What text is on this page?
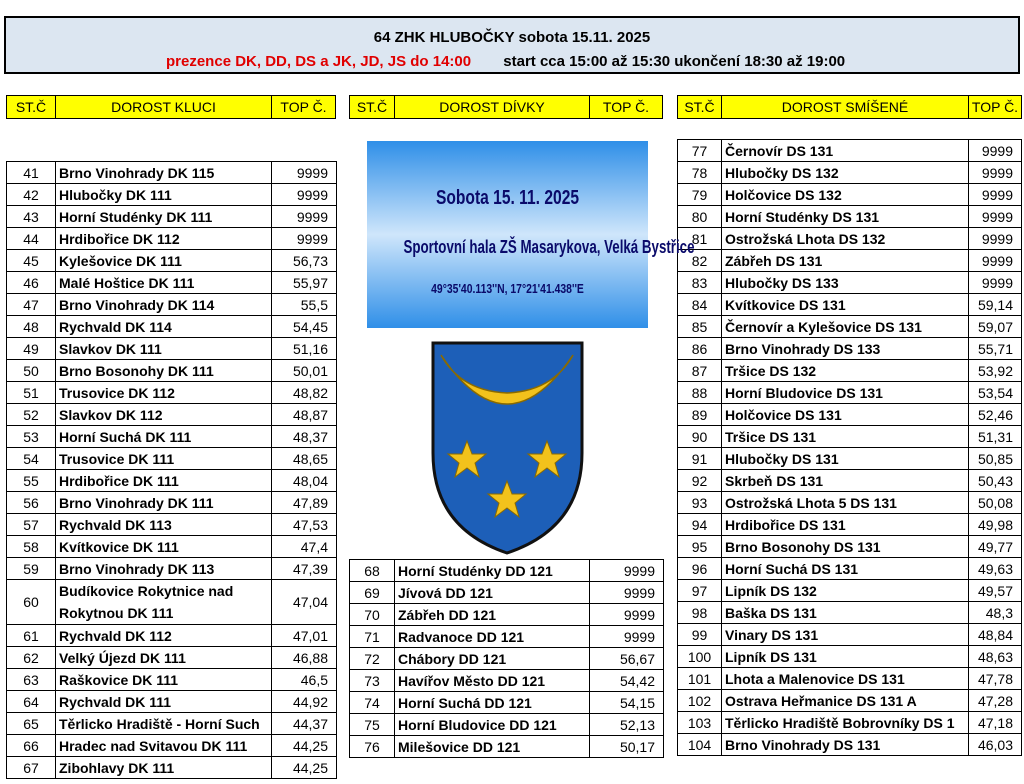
64 ZHK HLUBOČKY sobota 15.11. 2025
prezence DK, DD, DS a JK, JD, JS do 14:00 start cca 15:00 až 15:30 ukončení 18:30 až 19:00
ST.Č	DOROST KLUCI	TOP Č.	ST.Č	DOROST DÍVKY	TOP Č.	ST.Č	DOROST SMÍŠENÉ	TOP Č.
41	Brno Vinohrady DK 115	9999
42	Hlubočky DK 111	9999
43	Horní Studénky DK 111	9999
44	Hrdibořice DK 112	9999
45	Kylešovice DK 111	56,73
46	Malé Hoštice DK 111	55,97
47	Brno Vinohrady DK 114	55,5
48	Rychvald DK 114	54,45
49	Slavkov DK 111	51,16
50	Brno Bosonohy DK 111	50,01
51	Trusovice DK 112	48,82
52	Slavkov DK 112	48,87
53	Horní Suchá DK 111	48,37
54	Trusovice DK 111	48,65
55	Hrdibořice DK 111	48,04
56	Brno Vinohrady DK 111	47,89
57	Rychvald DK 113	47,53
58	Kvítkovice DK 111	47,4
59	Brno Vinohrady DK 113	47,39
60	Budíkovice Rokytnice nad Rokytnou DK 111	47,04
61	Rychvald DK 112	47,01
62	Velký Újezd DK 111	46,88
63	Raškovice DK 111	46,5
64	Rychvald DK 111	44,92
65	Těrlicko Hradiště - Horní Such	44,37
66	Hradec nad Svitavou DK 111	44,25
67	Zibohlavy DK 111	44,25
68	Horní Studénky DD 121	9999
69	Jívová DD 121	9999
70	Zábřeh DD 121	9999
71	Radvanoce DD 121	9999
72	Chábory DD 121	56,67
73	Havířov Město DD 121	54,42
74	Horní Suchá DD 121	54,15
75	Horní Bludovice DD 121	52,13
76	Milešovice DD 121	50,17
77	Černovír DS 131	9999
78	Hlubočky DS 132	9999
79	Holčovice DS 132	9999
80	Horní Studénky DS 131	9999
81	Ostrožská Lhota DS 132	9999
82	Zábřeh DS 131	9999
83	Hlubočky DS 133	9999
84	Kvítkovice DS 131	59,14
85	Černovír a Kylešovice DS 131	59,07
86	Brno Vinohrady DS 133	55,71
87	Tršice DS 132	53,92
88	Horní Bludovice DS 131	53,54
89	Holčovice DS 131	52,46
90	Tršice DS 131	51,31
91	Hlubočky DS 131	50,85
92	Skrbeň DS 131	50,43
93	Ostrožská Lhota 5 DS 131	50,08
94	Hrdibořice DS 131	49,98
95	Brno Bosonohy DS 131	49,77
96	Horní Suchá DS 131	49,63
97	Lipník DS 132	49,57
98	Baška DS 131	48,3
99	Vinary DS 131	48,84
100	Lipník DS 131	48,63
101	Lhota a Malenovice DS 131	47,78
102	Ostrava Heřmanice DS 131 A	47,28
103	Těrlicko Hradiště Bobrovníky DS 1	47,18
104	Brno Vinohrady DS 131	46,03
Sobota 15. 11. 2025
Sportovní hala ZŠ Masarykova, Velká Bystřice
49°35'40.113''N, 17°21'41.438''E
